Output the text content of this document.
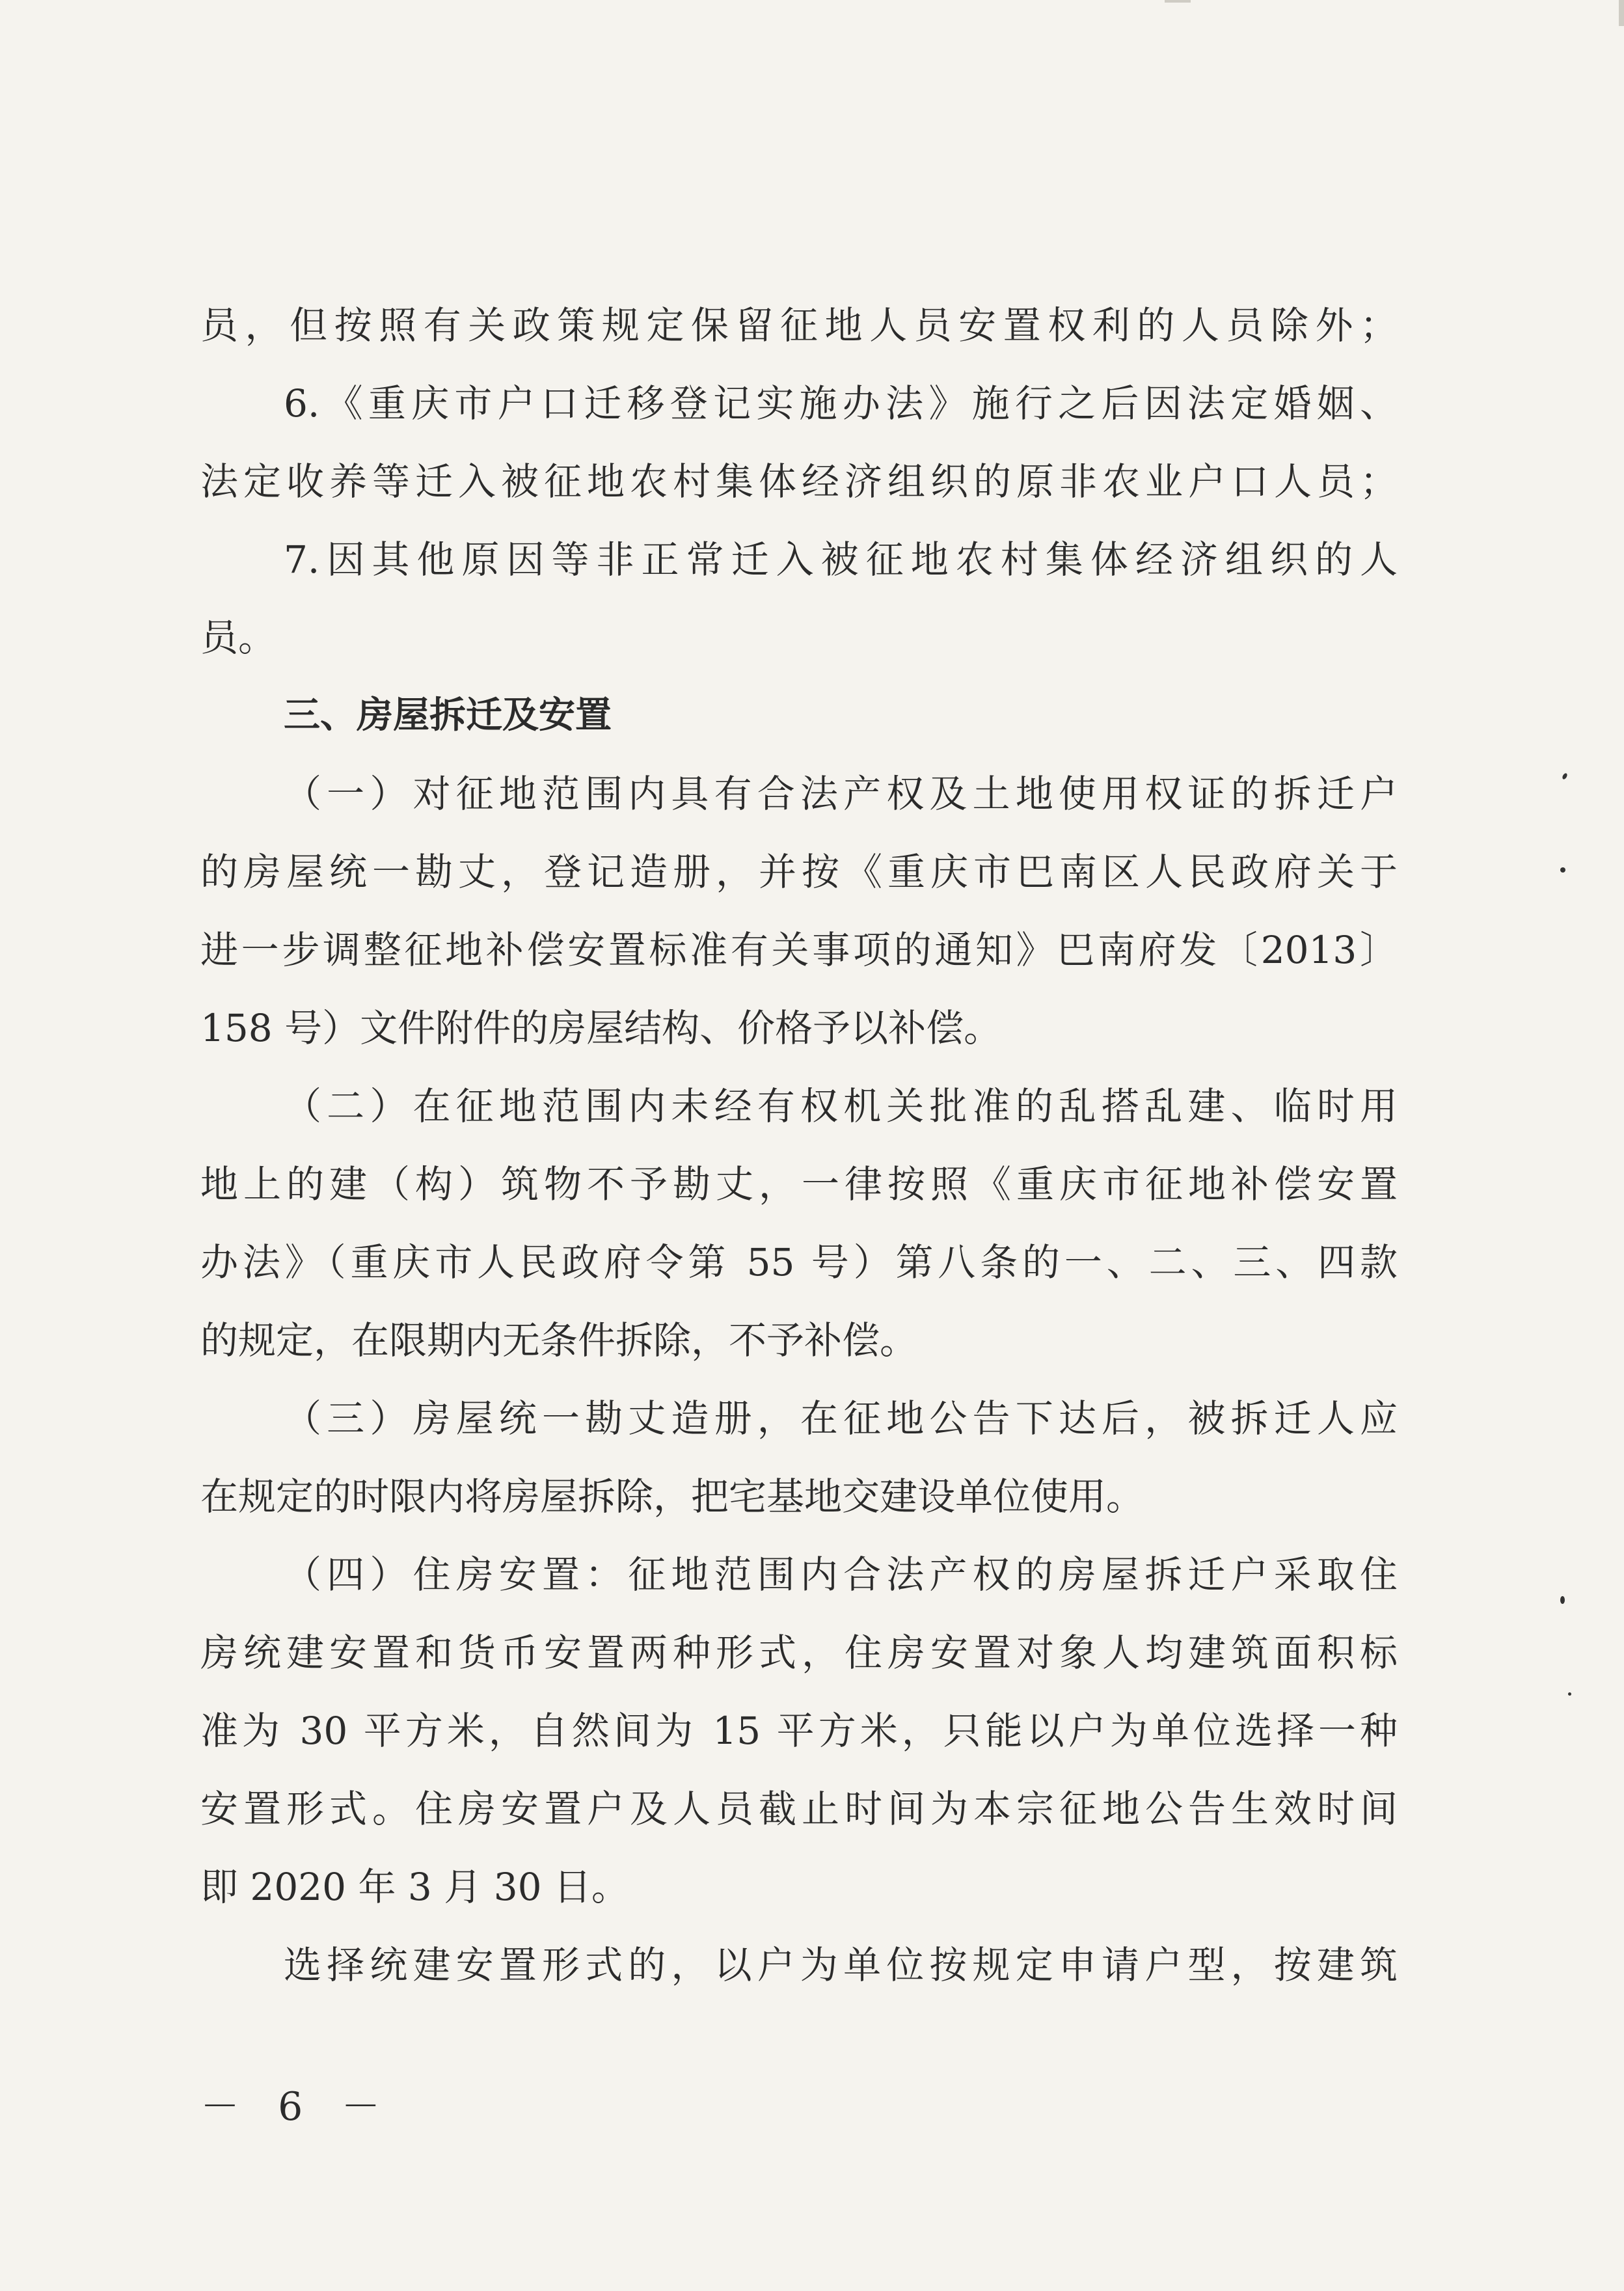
员，但按照有关政策规定保留征地人员安置权利的人员除外；
6.《重庆市户口迁移登记实施办法》施行之后因法定婚姻、
法定收养等迁入被征地农村集体经济组织的原非农业户口人员；
7.因其他原因等非正常迁入被征地农村集体经济组织的人
员。
三、房屋拆迁及安置
（一）对征地范围内具有合法产权及土地使用权证的拆迁户
的房屋统一勘丈，登记造册，并按《重庆市巴南区人民政府关于
进一步调整征地补偿安置标准有关事项的通知》巴南府发〔2013〕
158 号）文件附件的房屋结构、价格予以补偿。
（二）在征地范围内未经有权机关批准的乱搭乱建、临时用
地上的建（构）筑物不予勘丈，一律按照《重庆市征地补偿安置
办法》（重庆市人民政府令第 55 号）第八条的一、二、三、四款
的规定，在限期内无条件拆除，不予补偿。
（三）房屋统一勘丈造册，在征地公告下达后，被拆迁人应
在规定的时限内将房屋拆除，把宅基地交建设单位使用。
（四）住房安置：征地范围内合法产权的房屋拆迁户采取住
房统建安置和货币安置两种形式，住房安置对象人均建筑面积标
准为 30 平方米，自然间为 15 平方米，只能以户为单位选择一种
安置形式。住房安置户及人员截止时间为本宗征地公告生效时间
即 2020 年 3 月 30 日。
选择统建安置形式的，以户为单位按规定申请户型，按建筑
－ 6 －
